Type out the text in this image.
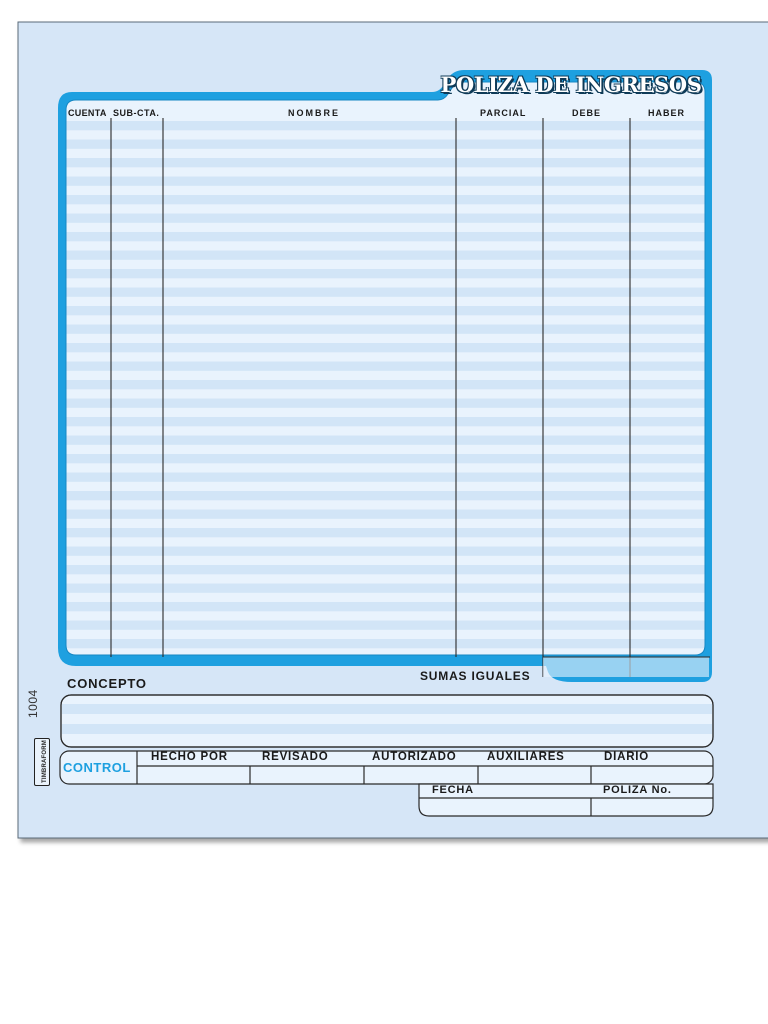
POLIZA DE INGRESOS
CUENTA SUB-CTA.	NOMBRE	PARCIAL	DEBE	HABER
SUMAS IGUALES
CONCEPTO
CONTROL
HECHO POR	REVISADO	AUTORIZADO	AUXILIARES	DIARIO
FECHA	POLIZA No.
1004
TIMBRAFORM
